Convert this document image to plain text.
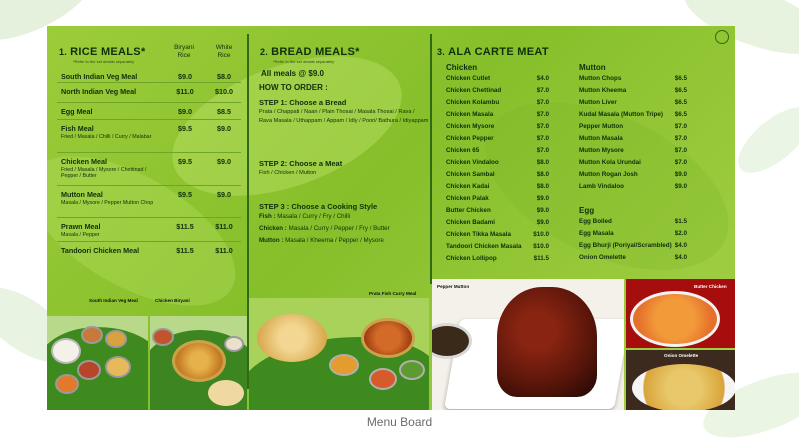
1. RICE MEALS*
*Refer to the set details separately
Biryani
Rice
White
Rice
South Indian Veg Meal	$9.0	$8.0
North Indian Veg Meal	$11.0	$10.0
Egg Meal	$9.0	$8.5
Fish Meal
Fried / Masala / Chilli / Curry / Malabar
$9.5	$9.0
Chicken Meal
Fried / Masala / Mysore / Chettinad / Pepper / Butter
$9.5	$9.0
Mutton Meal
Masala / Mysore / Pepper Mutton Chop
$9.5	$9.0
Prawn Meal
Masala / Pepper
$11.5	$11.0
Tandoori Chicken Meal	$11.5	$11.0
South Indian Veg Meal	Chicken Biryani
2. BREAD MEALS*
*Refer to the set details separately
All meals @ $9.0
HOW TO ORDER :
STEP 1: Choose a Bread
Prata / Chappati / Naan / Plain Thosai / Masala Thosai / Rava / Rava Masala / Uthappam / Appam / Idly / Poori/ Bathura / Idiyappam
STEP 2: Choose a Meat
Fish / Chicken / Mutton
STEP 3 : Choose a Cooking Style
Fish : Masala / Curry / Fry / Chilli
Chicken : Masala / Curry / Pepper / Fry / Butter
Mutton : Masala / Kheema / Pepper / Mysore
Prata Fish Curry Meal
3. ALA CARTE MEAT
Chicken
Chicken Cutlet	$4.0
Chicken Chettinad	$7.0
Chicken Kolambu	$7.0
Chicken Masala	$7.0
Chicken Mysore	$7.0
Chicken Pepper	$7.0
Chicken 65	$7.0
Chicken Vindaloo	$8.0
Chicken Sambal	$8.0
Chicken Kadai	$8.0
Chicken Palak	$9.0
Butter Chicken	$9.0
Chicken Badami	$9.0
Chicken Tikka Masala	$10.0
Tandoori Chicken Masala	$10.0
Chicken Lollipop	$11.5
Mutton
Mutton Chops	$6.5
Mutton Kheema	$6.5
Mutton Liver	$6.5
Kudal Masala (Mutton Tripe)	$6.5
Pepper Mutton	$7.0
Mutton Masala	$7.0
Mutton Mysore	$7.0
Mutton Kola Urundai	$7.0
Mutton Rogan Josh	$9.0
Lamb Vindaloo	$9.0
Egg
Egg Boiled	$1.5
Egg Masala	$2.0
Egg Bhurji (Poriyal/Scrambled) $4.0
Onion Omelette	$4.0
Pepper Mutton	Butter Chicken
Onion Omelette
Menu Board
